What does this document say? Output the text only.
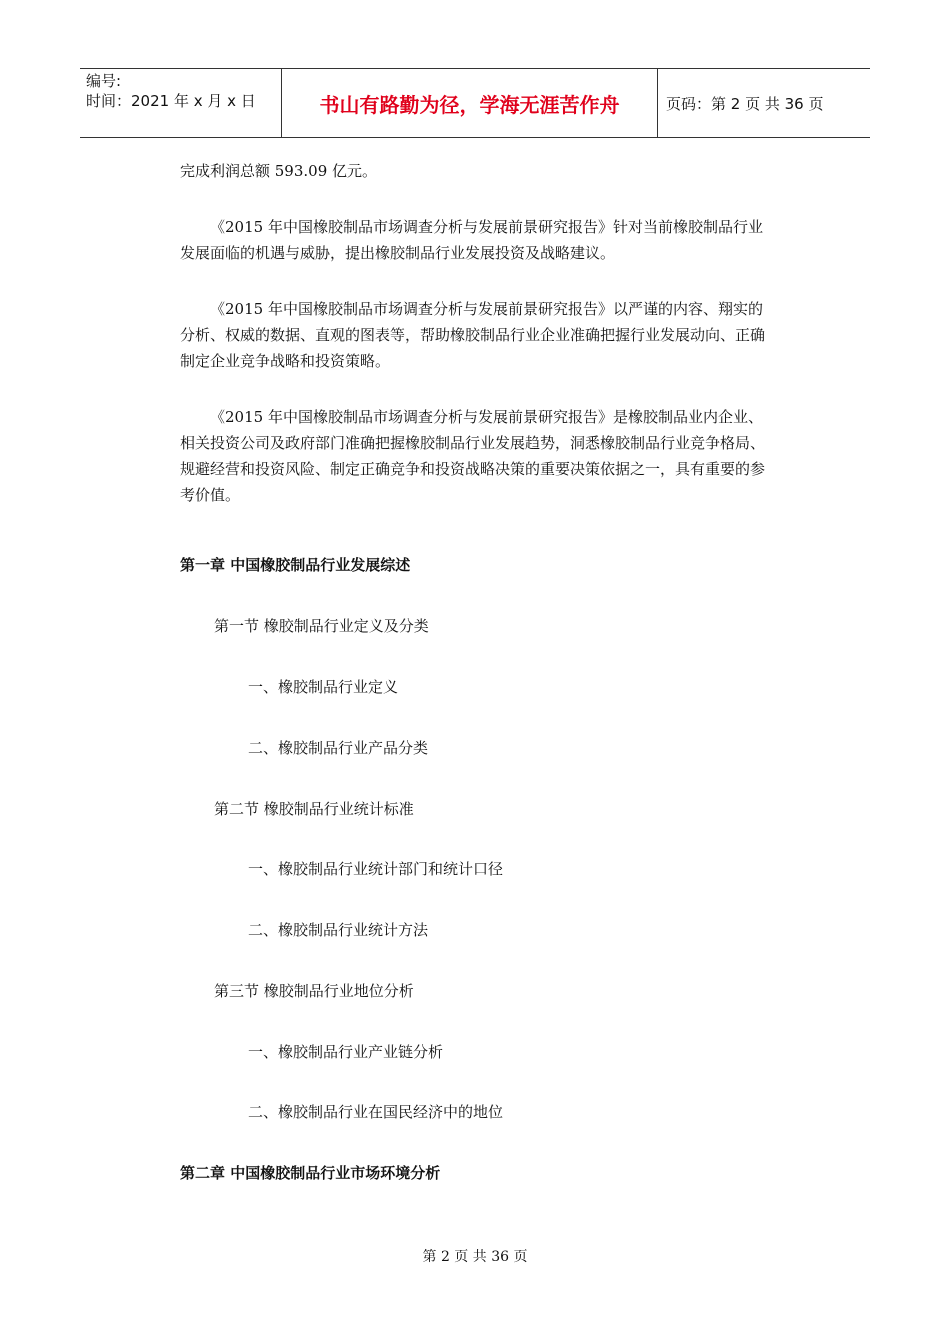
编号:
时间：2021 年 x 月 x 日	书山有路勤为径，学海无涯苦作舟	页码：第 2 页 共 36 页

完成利润总额 593.09 亿元。

《2015 年中国橡胶制品市场调查分析与发展前景研究报告》针对当前橡胶制品行业发展面临的机遇与威胁，提出橡胶制品行业发展投资及战略建议。

《2015 年中国橡胶制品市场调查分析与发展前景研究报告》以严谨的内容、翔实的分析、权威的数据、直观的图表等，帮助橡胶制品行业企业准确把握行业发展动向、正确制定企业竞争战略和投资策略。

《2015 年中国橡胶制品市场调查分析与发展前景研究报告》是橡胶制品业内企业、相关投资公司及政府部门准确把握橡胶制品行业发展趋势，洞悉橡胶制品行业竞争格局、规避经营和投资风险、制定正确竞争和投资战略决策的重要决策依据之一，具有重要的参考价值。

第一章 中国橡胶制品行业发展综述
第一节 橡胶制品行业定义及分类
一、橡胶制品行业定义
二、橡胶制品行业产品分类
第二节 橡胶制品行业统计标准
一、橡胶制品行业统计部门和统计口径
二、橡胶制品行业统计方法
第三节 橡胶制品行业地位分析
一、橡胶制品行业产业链分析
二、橡胶制品行业在国民经济中的地位
第二章 中国橡胶制品行业市场环境分析
第 2 页 共 36 页
